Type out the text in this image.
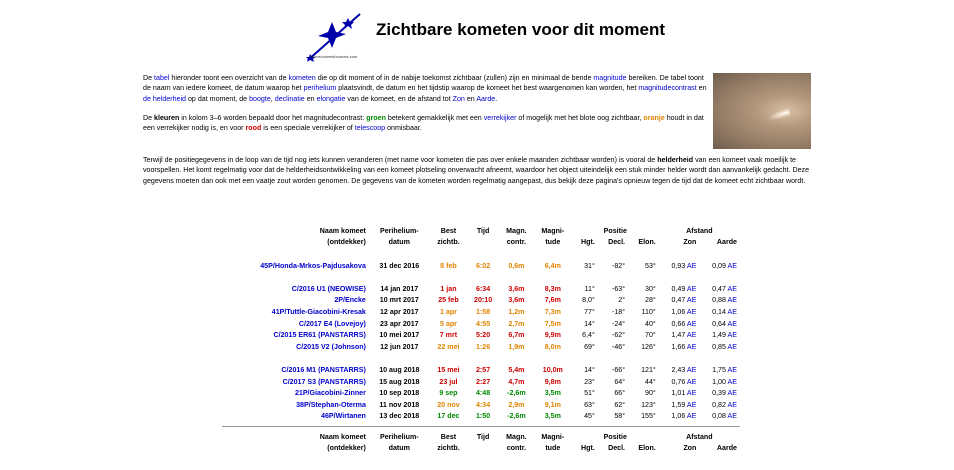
home/comets/comets.com
Zichtbare kometen voor dit moment

De tabel hieronder toont een overzicht van de kometen die op dit moment of in de nabije toekomst zichtbaar (zullen) zijn en minimaal de bende magnitude bereiken. De tabel toont de naam van iedere komeet, de datum waarop het perihelium plaatsvindt, de datum en het tijdstip waarop de komeet het best waargenomen kan worden, het magnitudecontrast en de helderheid op dat moment, de boogte, declinatie en elongatie van de komeet, en de afstand tot Zon en Aarde.

De kleuren in kolom 3–6 worden bepaald door het magnitudecontrast: groen betekent gemakkelijk met een verrekijker of mogelijk met het blote oog zichtbaar, oranje houdt in dat een verrekijker nodig is, en voor rood is een speciale verrekijker of telescoop onmisbaar.

Terwijl de positiegegevens in de loop van de tijd nog iets kunnen veranderen (met name voor kometen die pas over enkele maanden zichtbaar worden) is vooral de helderheid van een komeet vaak moeilijk te voorspellen. Het komt regelmatig voor dat de helderheidsontwikkeling van een komeet plotseling onverwacht afneemt, waardoor het object uiteindelijk een stuk minder helder wordt dan aanvankelijk gedacht. Deze gegevens moeten dan ook met een vaatje zout worden genomen. De gegevens van de kometen worden regelmatig aangepast, dus bekijk deze pagina's opnieuw tegen de tijd dat de komeet echt zichtbaar wordt.
Naam komeet	Perihelium-	Best	Tijd	Magn.	Magni-	Positie			Afstand	
(ontdekker)	datum	zichtb.		contr.	tude	Hgt.	Decl.	Elon.	Zon	Aarde

45P/Honda-Mrkos-Pajdusakova	31 dec 2016	8 feb	6:02	0,6m	6,4m	31°	-82°	53°	0,93 AE	0,09 AE

C/2016 U1 (NEOWISE)	14 jan 2017	1 jan	6:34	3,6m	8,3m	11°	-63°	30°	0,49 AE	0,47 AE
2P/Encke	10 mrt 2017	25 feb	20:10	3,6m	7,6m	8,0°	2°	28°	0,47 AE	0,88 AE
41P/Tuttle-Giacobini-Kresak	12 apr 2017	1 apr	1:58	1,2m	7,3m	77°	-18°	110°	1,06 AE	0,14 AE
C/2017 E4 (Lovejoy)	23 apr 2017	5 apr	4:55	2,7m	7,5m	14°	-24°	40°	0,66 AE	0,64 AE
C/2015 ER61 (PANSTARRS)	10 mei 2017	7 mrt	5:20	6,7m	9,9m	6,4°	-62°	70°	1,47 AE	1,49 AE
C/2015 V2 (Johnson)	12 jun 2017	22 mei	1:26	1,9m	8,0m	69°	-46°	126°	1,66 AE	0,85 AE

C/2016 M1 (PANSTARRS)	10 aug 2018	15 mei	2:57	5,4m	10,0m	14°	-66°	121°	2,43 AE	1,75 AE
C/2017 S3 (PANSTARRS)	15 aug 2018	23 jul	2:27	4,7m	9,8m	23°	64°	44°	0,76 AE	1,00 AE
21P/Giacobini-Zinner	10 sep 2018	9 sep	4:48	-2,6m	3,5m	51°	66°	90°	1,01 AE	0,39 AE
38P/Stephan-Oterma	11 nov 2018	20 nov	4:34	2,9m	9,1m	63°	62°	123°	1,59 AE	0,82 AE
46P/Wirtanen	13 dec 2018	17 dec	1:50	-2,6m	3,5m	45°	58°	155°	1,06 AE	0,08 AE

Naam komeet	Perihelium-	Best	Tijd	Magn.	Magni-	Positie			Afstand	
(ontdekker)	datum	zichtb.		contr.	tude	Hgt.	Decl.	Elon.	Zon	Aarde
